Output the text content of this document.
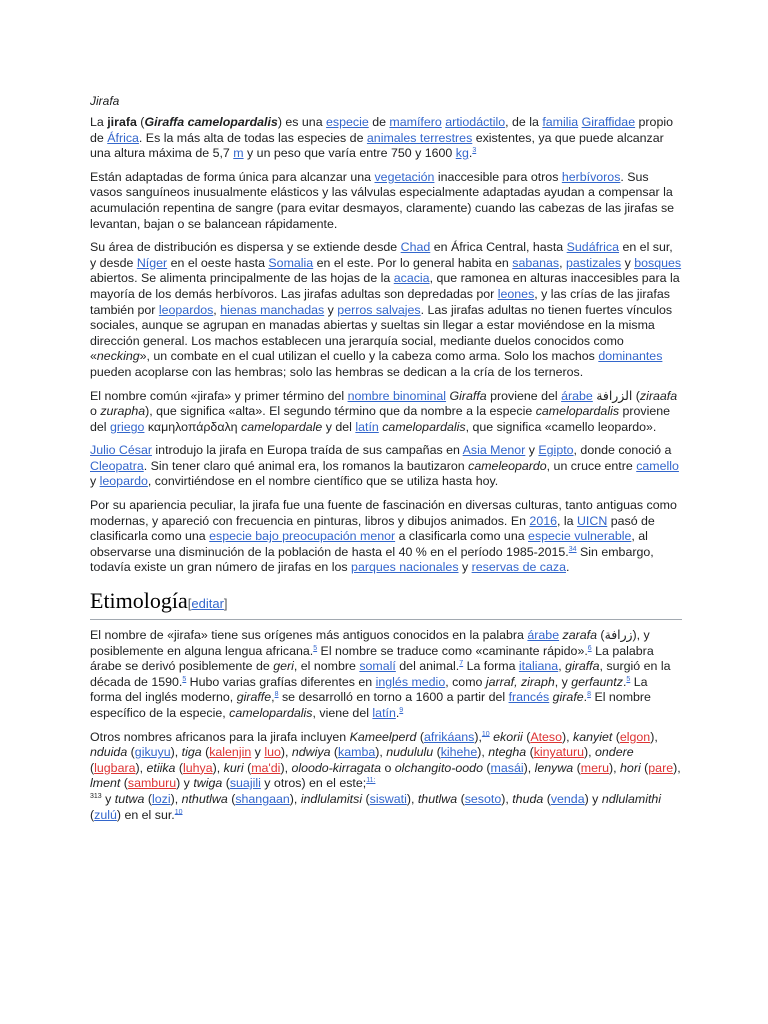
Jirafa

La jirafa (Giraffa camelopardalis) es una especie de mamífero artiodáctilo, de la familia Giraffidae propio de África. Es la más alta de todas las especies de animales terrestres existentes, ya que puede alcanzar una altura máxima de 5,7 m y un peso que varía entre 750 y 1600 kg.$^3$

Están adaptadas de forma única para alcanzar una vegetación inaccesible para otros herbívoros. Sus vasos sanguíneos inusualmente elásticos y las válvulas especialmente adaptadas ayudan a compensar la acumulación repentina de sangre (para evitar desmayos, claramente) cuando las cabezas de las jirafas se levantan, bajan o se balancean rápidamente.

Su área de distribución es dispersa y se extiende desde Chad en África Central, hasta Sudáfrica en el sur, y desde Níger en el oeste hasta Somalia en el este. Por lo general habita en sabanas, pastizales y bosques abiertos. Se alimenta principalmente de las hojas de la acacia, que ramonea en alturas inaccesibles para la mayoría de los demás herbívoros. Las jirafas adultas son depredadas por leones, y las crías de las jirafas también por leopardos, hienas manchadas y perros salvajes. Las jirafas adultas no tienen fuertes vínculos sociales, aunque se agrupan en manadas abiertas y sueltas sin llegar a estar moviéndose en la misma dirección general. Los machos establecen una jerarquía social, mediante duelos conocidos como «necking», un combate en el cual utilizan el cuello y la cabeza como arma. Solo los machos dominantes pueden acoplarse con las hembras; solo las hembras se dedican a la cría de los terneros.

El nombre común «jirafa» y primer término del nombre binominal Giraffa proviene del árabe الزرافة (ziraafa o zurapha), que significa «alta». El segundo término que da nombre a la especie camelopardalis proviene del griego καμηλοπάρδαλη camelopardale y del latín camelopardalis, que significa «camello leopardo».

Julio César introdujo la jirafa en Europa traída de sus campañas en Asia Menor y Egipto, donde conoció a Cleopatra. Sin tener claro qué animal era, los romanos la bautizaron cameleopardo, un cruce entre camello y leopardo, convirtiéndose en el nombre científico que se utiliza hasta hoy.

Por su apariencia peculiar, la jirafa fue una fuente de fascinación en diversas culturas, tanto antiguas como modernas, y apareció con frecuencia en pinturas, libros y dibujos animados. En 2016, la UICN pasó de clasificarla como una especie bajo preocupación menor a clasificarla como una especie vulnerable, al observarse una disminución de la población de hasta el 40 % en el período 1985-2015.34 Sin embargo, todavía existe un gran número de jirafas en los parques nacionales y reservas de caza.

Etimología[editar]

El nombre de «jirafa» tiene sus orígenes más antiguos conocidos en la palabra árabe zarafa (زرافة), y posiblemente en alguna lengua africana.$^5$ El nombre se traduce como «caminante rápido».$^6$ La palabra árabe se derivó posiblemente de geri, el nombre somalí del animal.$^7$ La forma italiana, giraffa, surgió en la década de 1590.$^5$ Hubo varias grafías diferentes en inglés medio, como jarraf, ziraph, y gerfauntz.$^5$ La forma del inglés moderno, giraffe,$^8$ se desarrolló en torno a 1600 a partir del francés girafe.$^8$ El nombre específico de la especie, camelopardalis, viene del latín.$^9$

Otros nombres africanos para la jirafa incluyen Kameelperd (afrikáans),$^{10}$ ekorii (Ateso), kanyiet (elgon), nduida (gikuyu), tiga (kalenjin y luo), ndwiya (kamba), nudululu (kihehe), ntegha (kinyaturu), ondere (lugbara), etiika (luhya), kuri (ma'di), oloodo-kirragata o olchangito-oodo (masái), lenywa (meru), hori (pare), lment (samburu) y twiga (suajili y otros) en el este;$^{11:}$
$^{313}$ y tutwa (lozi), nthutlwa (shangaan), indlulamitsi (siswati), thutlwa (sesoto), thuda (venda) y ndlulamithi (zulú) en el sur.$^{10}$
